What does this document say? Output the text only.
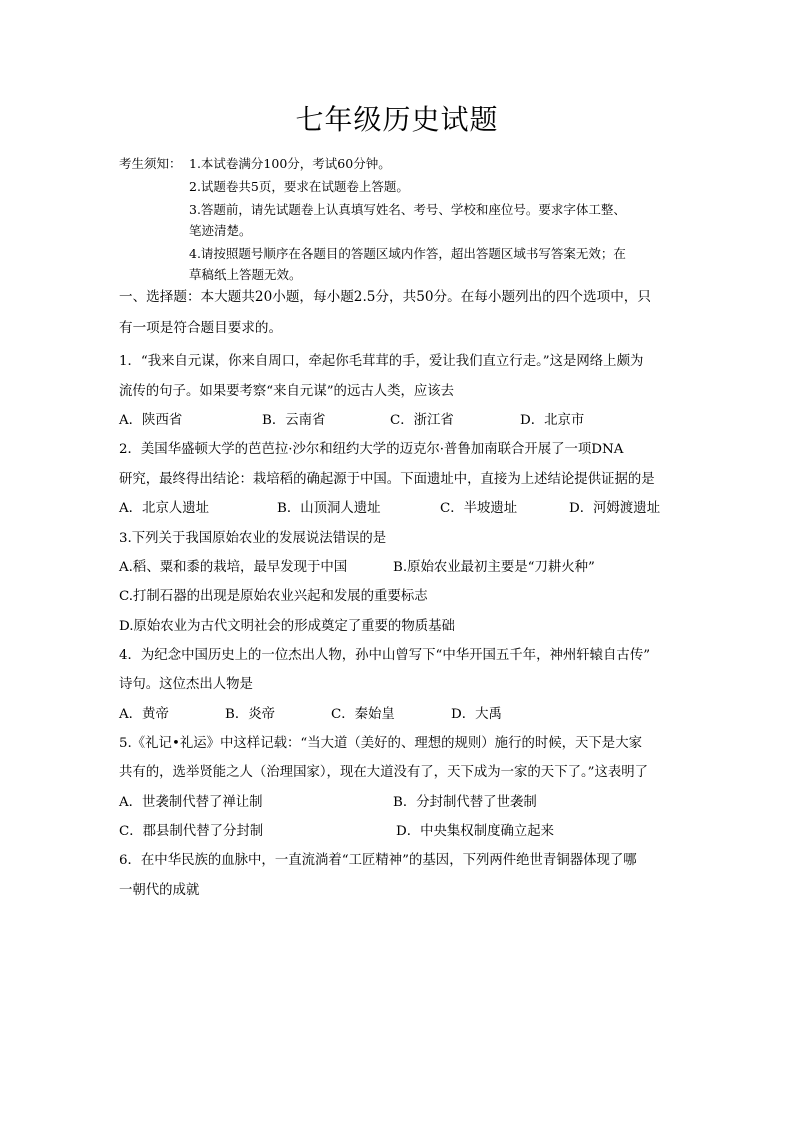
七年级历史试题
考生须知： 1.本试卷满分100分，考试60分钟。
2.试题卷共5页，要求在试题卷上答题。
3.答题前，请先试题卷上认真填写姓名、考号、学校和座位号。要求字体工整、
笔迹清楚。
4.请按照题号顺序在各题目的答题区域内作答，超出答题区域书写答案无效；在
草稿纸上答题无效。
一、选择题：本大题共20小题，每小题2.5分，共50分。在每小题列出的四个选项中，只
有一项是符合题目要求的。
1．“我来自元谋，你来自周口，牵起你毛茸茸的手，爱让我们直立行走。”这是网络上颇为
流传的句子。如果要考察“来自元谋”的远古人类，应该去
A．陕西省	B．云南省	C．浙江省	D．北京市
2．美国华盛顿大学的芭芭拉·沙尔和纽约大学的迈克尔·普鲁加南联合开展了一项DNA
研究，最终得出结论：栽培稻的确起源于中国。下面遗址中，直接为上述结论提供证据的是
A．北京人遗址	B．山顶洞人遗址	C．半坡遗址	D．河姆渡遗址
3.下列关于我国原始农业的发展说法错误的是
A.稻、粟和黍的栽培，最早发现于中国	B.原始农业最初主要是“刀耕火种”
C.打制石器的出现是原始农业兴起和发展的重要标志
D.原始农业为古代文明社会的形成奠定了重要的物质基础
4．为纪念中国历史上的一位杰出人物，孙中山曾写下“中华开国五千年，神州轩辕自古传”
诗句。这位杰出人物是
A．黄帝	B．炎帝	C．秦始皇	D．大禹
5.《礼记•礼运》中这样记载：“当大道（美好的、理想的规则）施行的时候，天下是大家
共有的，选举贤能之人（治理国家），现在大道没有了，天下成为一家的天下了。”这表明了
A．世袭制代替了禅让制	B．分封制代替了世袭制
C．郡县制代替了分封制	D．中央集权制度确立起来
6．在中华民族的血脉中，一直流淌着“工匠精神”的基因，下列两件绝世青铜器体现了哪
一朝代的成就
